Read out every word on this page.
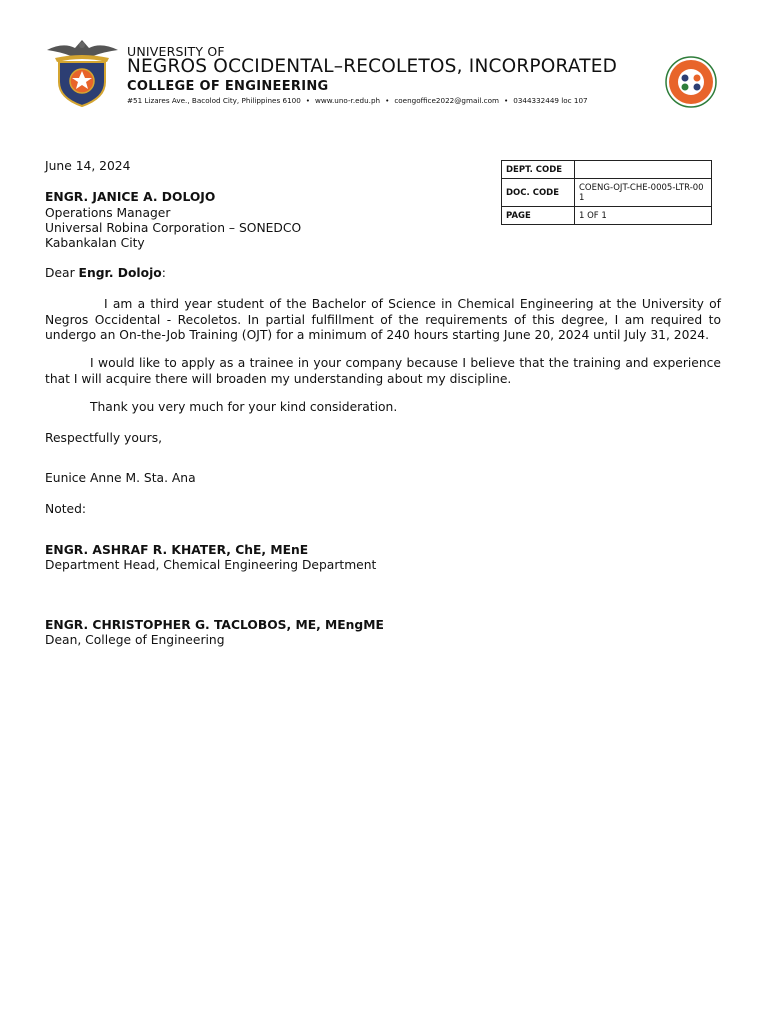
UNIVERSITY OF
NEGROS OCCIDENTAL–RECOLETOS, INCORPORATED
COLLEGE OF ENGINEERING
#51 Lizares Ave., Bacolod City, Philippines 6100 • www.uno-r.edu.ph • coengoffice2022@gmail.com • 0344332449 loc 107
DEPT. CODE	
DOC. CODE	COENG-OJT-CHE-0005-LTR-001
PAGE	1 OF 1
June 14, 2024
ENGR. JANICE A. DOLOJO
Operations Manager
Universal Robina Corporation – SONEDCO
Kabankalan City
Dear Engr. Dolojo:
I am a third year student of the Bachelor of Science in Chemical Engineering at the University of Negros Occidental - Recoletos. In partial fulfillment of the requirements of this degree, I am required to undergo an On-the-Job Training (OJT) for a minimum of 240 hours starting June 20, 2024 until July 31, 2024.
I would like to apply as a trainee in your company because I believe that the training and experience that I will acquire there will broaden my understanding about my discipline.
Thank you very much for your kind consideration.
Respectfully yours,
Eunice Anne M. Sta. Ana
Noted:
ENGR. ASHRAF R. KHATER, ChE, MEnE
Department Head, Chemical Engineering Department
ENGR. CHRISTOPHER G. TACLOBOS, ME, MEngME
Dean, College of Engineering
